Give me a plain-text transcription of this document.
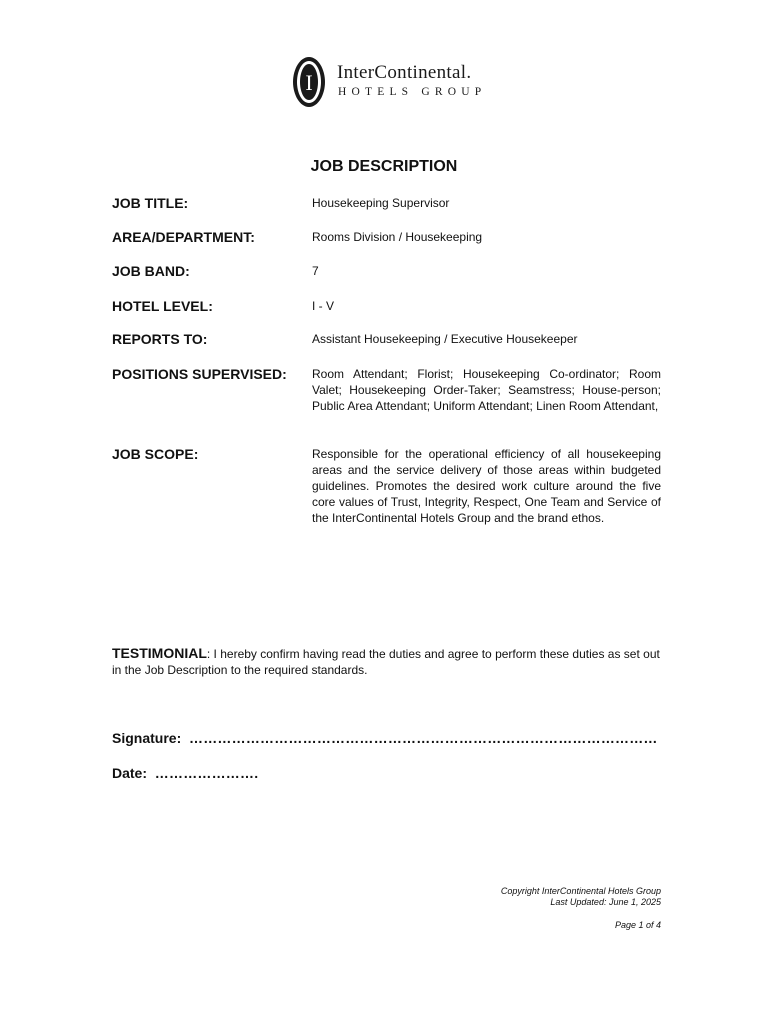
I InterContinental.
HOTELS GROUP
JOB DESCRIPTION
JOB TITLE:	Housekeeping Supervisor
AREA/DEPARTMENT:	Rooms Division / Housekeeping
JOB BAND:	7
HOTEL LEVEL:	I - V
REPORTS TO:	Assistant Housekeeping / Executive Housekeeper
POSITIONS SUPERVISED: Room Attendant; Florist; Housekeeping Co-ordinator; Room Valet; Housekeeping Order-Taker; Seamstress; House-person; Public Area Attendant; Uniform Attendant; Linen Room Attendant,
JOB SCOPE:	Responsible for the operational efficiency of all housekeeping areas and the service delivery of those areas within budgeted guidelines. Promotes the desired work culture around the five core values of Trust, Integrity, Respect, One Team and Service of the InterContinental Hotels Group and the brand ethos.
TESTIMONIAL: I hereby confirm having read the duties and agree to perform these duties as set out in the Job Description to the required standards.
Signature: ………………………………………………………………………………………
Date: ………………….
Copyright InterContinental Hotels Group
Last Updated: June 1, 2025
Page 1 of 4
